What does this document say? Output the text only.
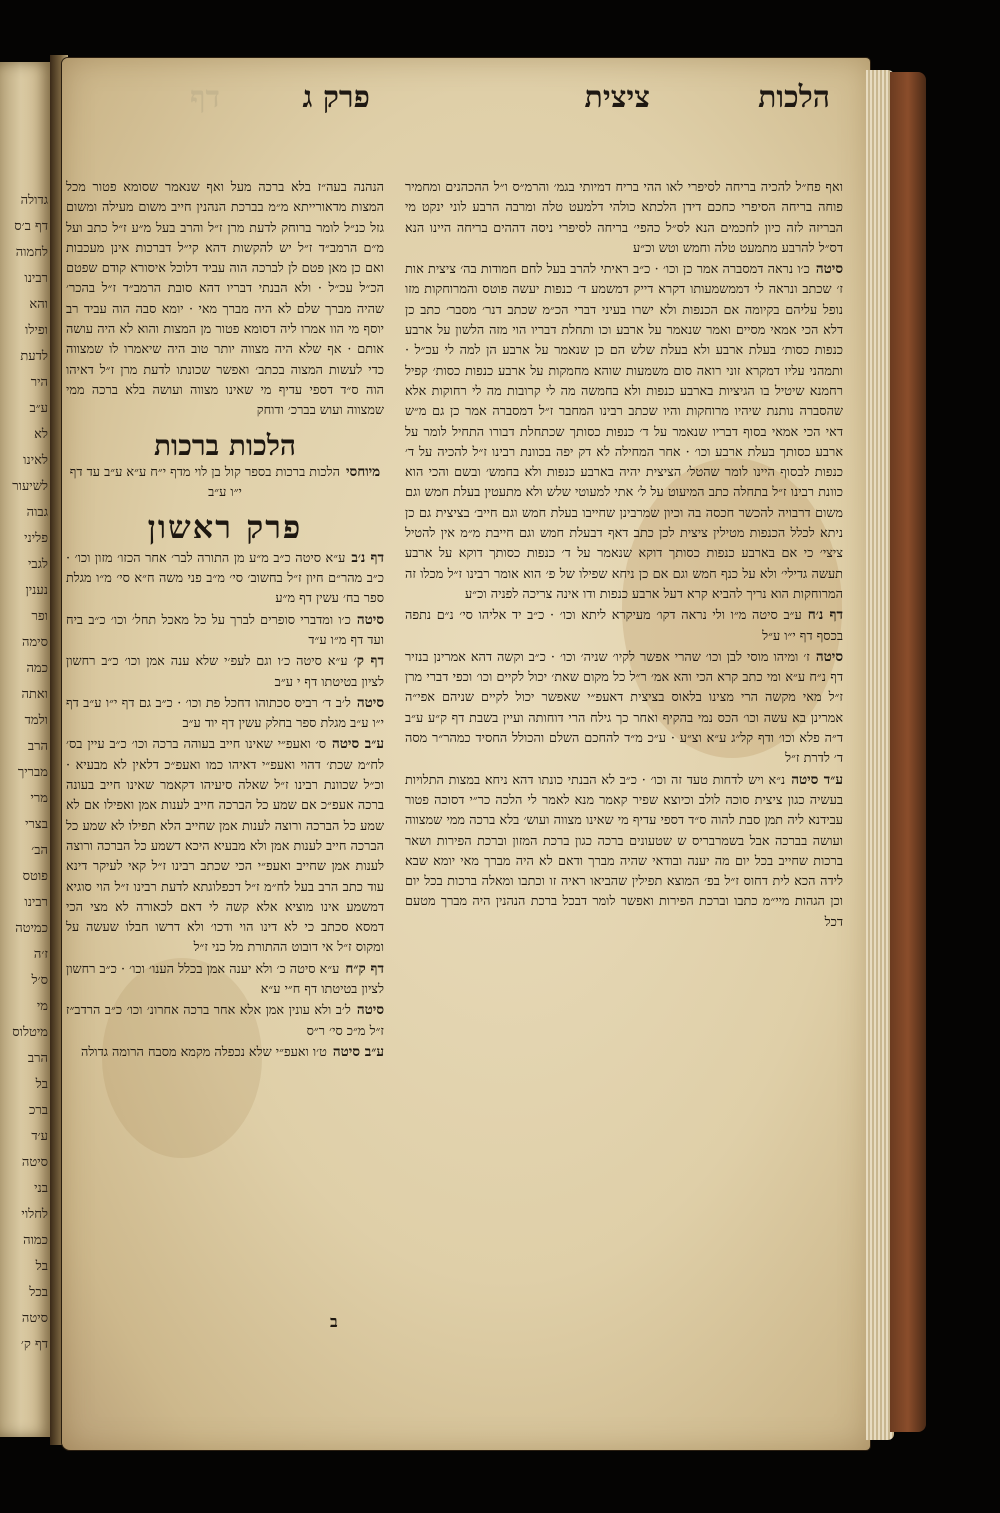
גדולה
דף ב׳ס
לחמוה
רבינו
והא
ופילו
לדעת
היר
ע״ב
לא
לאינו
לשיעור
גבוה
פליני
לגבי
נענין
ופר
סימה
כמה
ואתה
ולמד
הרב
מבריך
מרי
בצרי
הב׳
פוטס
רבינו
כמיטה
ז׳ה
ס׳ל
מי
מיטלוס
הרב
בל
ברכ
ע׳ד
סיטה
בני
לחלוי
כמוה
בל
בכל
סיטה
דף ק׳
הלכות
ציצית
פרק ג
דף

ואף פח״ל להכיה בריחה לסיפרי לאו ההי בריח דמיותי בגמ׳ והרמ״ס ו״ל ההכהנים ומחמיר פוחה בריחה הסיפרי כחכם דידן הלכתא כולהי דלמעט טלה ומרבה הרבע לוני ינקט מי הבריזה לזה כיון לחכמים הנא לס״ל כהפי׳ בריחה לסיפרי ניסה דההים בריחה היינו הנא דס״ל להרבע מתמעט טלה וחמש וטש וכ״ע

סיטהכ׳ו נראה דמסברה אמר כן וכו׳ · כ״ב ראיתי להרב בעל לחם חמודות בה׳ ציצית אות ז׳ שכתב ונראה לי דממשמעותו דקרא דייק דמשמע ד׳ כנפות יעשה פוטס והמרוחקות מזו נופל עליהם בקיומה אם הכנפות ולא ישרו בעיני דברי הכ״מ שכתב דנר׳ מסבר׳ כתב כן דלא הכי אמאי מסיים ואמר שנאמר על ארבע וכו ותחלת דבריו הוי מזה הלשון על ארבע כנפות כסות׳ בעלת ארבע ולא בעלת שלש הם כן שנאמר על ארבע הן למה לי עכ״ל · ותמהני עליו דמקרא זוני רואה סום משמעות שוהא מחמקות על ארבע כנפות כסות׳ קפיל רחמנא שיטיל בו הגיציות בארבע כנפות ולא בחמשה מה לי קרובות מה לי רחוקות אלא שהסברה נותנת שיהיו מרוחקות והיו שכתב רבינו המחבר ז״ל דמסברה אמר כן גם מ״ש דאי הכי אמאי בסוף דבריו שנאמר על ד׳ כנפות כסותך שכתחלת דבורו התחיל לומר על ארבע כסותך בעלת ארבע וכו׳ · אחר המחילה לא דק יפה בכוונת רבינו ז״ל להכיה על ד׳ כנפות לבסוף היינו לומר שהטל׳ הציצית יהיה בארבע כנפות ולא בחמש׳ ובשם והכי הוא כוונת רבינו ז״ל בתחלה כתב המיעוט על ל׳ אתי למעוטי שלש ולא מתעטין בעלת חמש וגם משום דרבויה להכשר חכסה בה וכיון שמרבינן שחייבו בעלת חמש וגם חייב׳ בציצית גם כן ניתא לכלל הכנפות מטילין ציצית לכן כתב דאף דבעלת חמש וגם חייבת מ״מ אין להטיל ציצי׳ כי אם בארבע כנפות כסותך דוקא שנאמר על ד׳ כנפות כסותך דוקא על ארבע תעשה גדילי׳ ולא על כנף חמש וגם אם כן ניחא שפילו של פ׳ הוא אומר רבינו ז״ל מכלו זה המרוחקות הוא נריך להביא קרא דעל ארבע כנפות ודו אינה צריכה לפניה וכ״ע

דף נ׳חע״ב סיטה מ״ו ולי נראה דקו׳ מעיקרא ליתא וכו׳ · כ״ב יד אליהו סי׳ נ״ם נתפה בכסף דף י״ו ע״ל

סיטהז׳ ומיהו מוסי לבן וכו׳ שהרי אפשר לקיו׳ שניה׳ וכו׳ · כ״ב וקשה דהא אמרינן בנזיר דף נ״ח ע״א ומי כתב קרא הכי והא אמ׳ ר״ל כל מקום שאת׳ יכול לקיים וכו׳ וכפי דברי מרן ז״ל מאי מקשה הרי מצינו בלאוס בציצית דאעפ״י שאפשר יכול לקיים שניהם אפי״ה אמרינן בא עשה וכו׳ הכס נמי בהקיף ואחר כך גילח הרי דוחותה ועיין בשבת דף ק״ע ע״ב ד״ה פלא וכו׳ ודף קל״ג ע״א וצ״ע · ע״כ מ״ד להחכם השלם והכולל החסיד כמהר״ר מסה ד׳ לדרת ז״ל

ע״ד סיטהנ״א ויש לדחות טעד זה וכו׳ · כ״ב לא הבנתי כונתו דהא ניחא במצות התלויות בעשיה כגון ציצית סוכה לולב וכיוצא שפיר קאמר מנא לאמר לי הלכה כר״י דסוכה פטור עבידנא ליה תמן סבת להוה ס״ד דספי עדיף מי שאינו מצווה ועוש׳ בלא ברכה ממי שמצווה ועושה בברכה אבל בשמרבריס ש שטעונים ברכה כגון ברכת המזון וברכת הפירות ושאר ברכות שחייב בכל יום מה יענה ובודאי שהיה מברך ודאם לא היה מברך מאי יומא שבא לידה הכא לית דחוס ז״ל בפ׳ המוצא תפילין שהביאו ראיה זו וכתבו ומאלה ברכות בכל יום וכן הגהות מיי״מ כתבו וברכת הפירות ואפשר לומר דבכל ברכת הנהנין היה מברך מטעם דכל

הנהנה בעה״ז בלא ברכה מעל ואף שנאמר שסומא פטור מכל המצות מדאורייתא מ״מ בברכת הנהנין חייב משום מעילה ומשום גזל כנ״ל לומר ברוחק לדעת מרן ז״ל והרב בעל מ״ע ז״ל כתב ועל מ״ם הרמב״ד ז״ל יש להקשות דהא קי״ל דברכות אינן מעכבות ואם כן מאן פטם לן לברכה הוה עביד דלוכל איסורא קודם שפטם הכ״ל עכ״ל · ולא הבנתי דבריו דהא סובת הרמב״ד ז״ל בהכר׳ שהיה מברך שלם לא היה מברך מאי · יומא סבה הוה עביד רב יוסף מי הוו אמרו ליה דסומא פטור מן המצות והוא לא היה עושה אותם · אף שלא היה מצווה יותר טוב היה שיאמרו לו שמצווה כדי לעשות המצוה בכתב׳ ואפשר שכונתו לדעת מרן ז״ל דאיהו הוה ס״ד דספי עדיף מי שאינו מצווה ועושה בלא ברכה ממי שמצווה ועוש בברכ׳ ודוחק

הלכות ברכות

מיוחסיהלכות ברכות בספר קול בן לוי מדף י״ח ע״א ע״ב עד דף י״ו ע״ב

פרק ראשון

דף נ׳בע״א סיטה כ״ב מ״ע מן התורה לבר׳ אחר הכזו׳ מזון וכו׳ · כ״ב מהר״ם חיון ז״ל בחשוב׳ סי׳ מ״ב פני משה ח״א סי׳ מ״ו מגלת ספר בח׳ עשין דף מ״ע

סיטהכ׳ו ומדברי סופרים לברך על כל מאכל תחל׳ וכו׳ כ״ב ביח ועד דף מ״ו ע״ד

דף ק׳ע״א סיטה כ׳ו וגם לעפ׳י שלא ענה אמן וכו׳ כ״ב רחשון לציון בטיטתו דף י ע״ב

סיטהל׳ב ד׳ רביס סכתוהו דחכל פת וכו׳ · כ״ב גם דף י״ו ע״ב דף י״ו ע״ב מגלת ספר בחלק עשין דף יוד ע״ב

ע״ב סיטהס׳ ואעפ״י שאינו חייב בעוהה ברכה וכו׳ כ״ב עיין בס׳ לח״מ שכת׳ דהוי ואעפ״י דאיהו כמו ואעפ״כ דלאין לא מבעיא · וכ״ל שכוונת רבינו ז״ל שאלה סיעיהו דקאמר שאינו חייב בעונה ברכה אעפ״כ אם שמע כל הברכה חייב לענות אמן ואפילו אם לא שמע כל הברכה ורוצה לענות אמן שחייב הלא תפילו לא שמע כל הברכה חייב לענות אמן ולא מבעיא היכא דשמע כל הברכה ורוצה לענות אמן שחייב ואעפ״י הכי שכתב רבינו ז״ל קאי לעיקר דינא עוד כתב הרב בעל לח״מ ז״ל דכפלוגתא לדעת רבינו ז״ל הוי סוגיא דמשמע אינו מוציא אלא קשה לי דאם לכאורה לא מצי הכי דמסא סכתב כי לא דינו הוי ודכו׳ ולא דרשו חבלו שעשה על ומקוס ז״ל אי דובוט ההתורת מל כני ז״ל

דף ק״חע״א סיטה כ׳ ולא יענה אמן בכלל הענו׳ וכו׳ · כ״ב רחשון לציון בטיטתו דף ח״י ע״א

סיטהל׳ב ולא עונין אמן אלא אחר ברכה אחרונ׳ וכו׳ כ״ב הרדב״ז ז״ל מ״כ סי׳ ר״ס

ע״ב סיטהט׳ו ואעפ״י שלא נכפלה מקמא מסבח הרומה גדולה

ב
